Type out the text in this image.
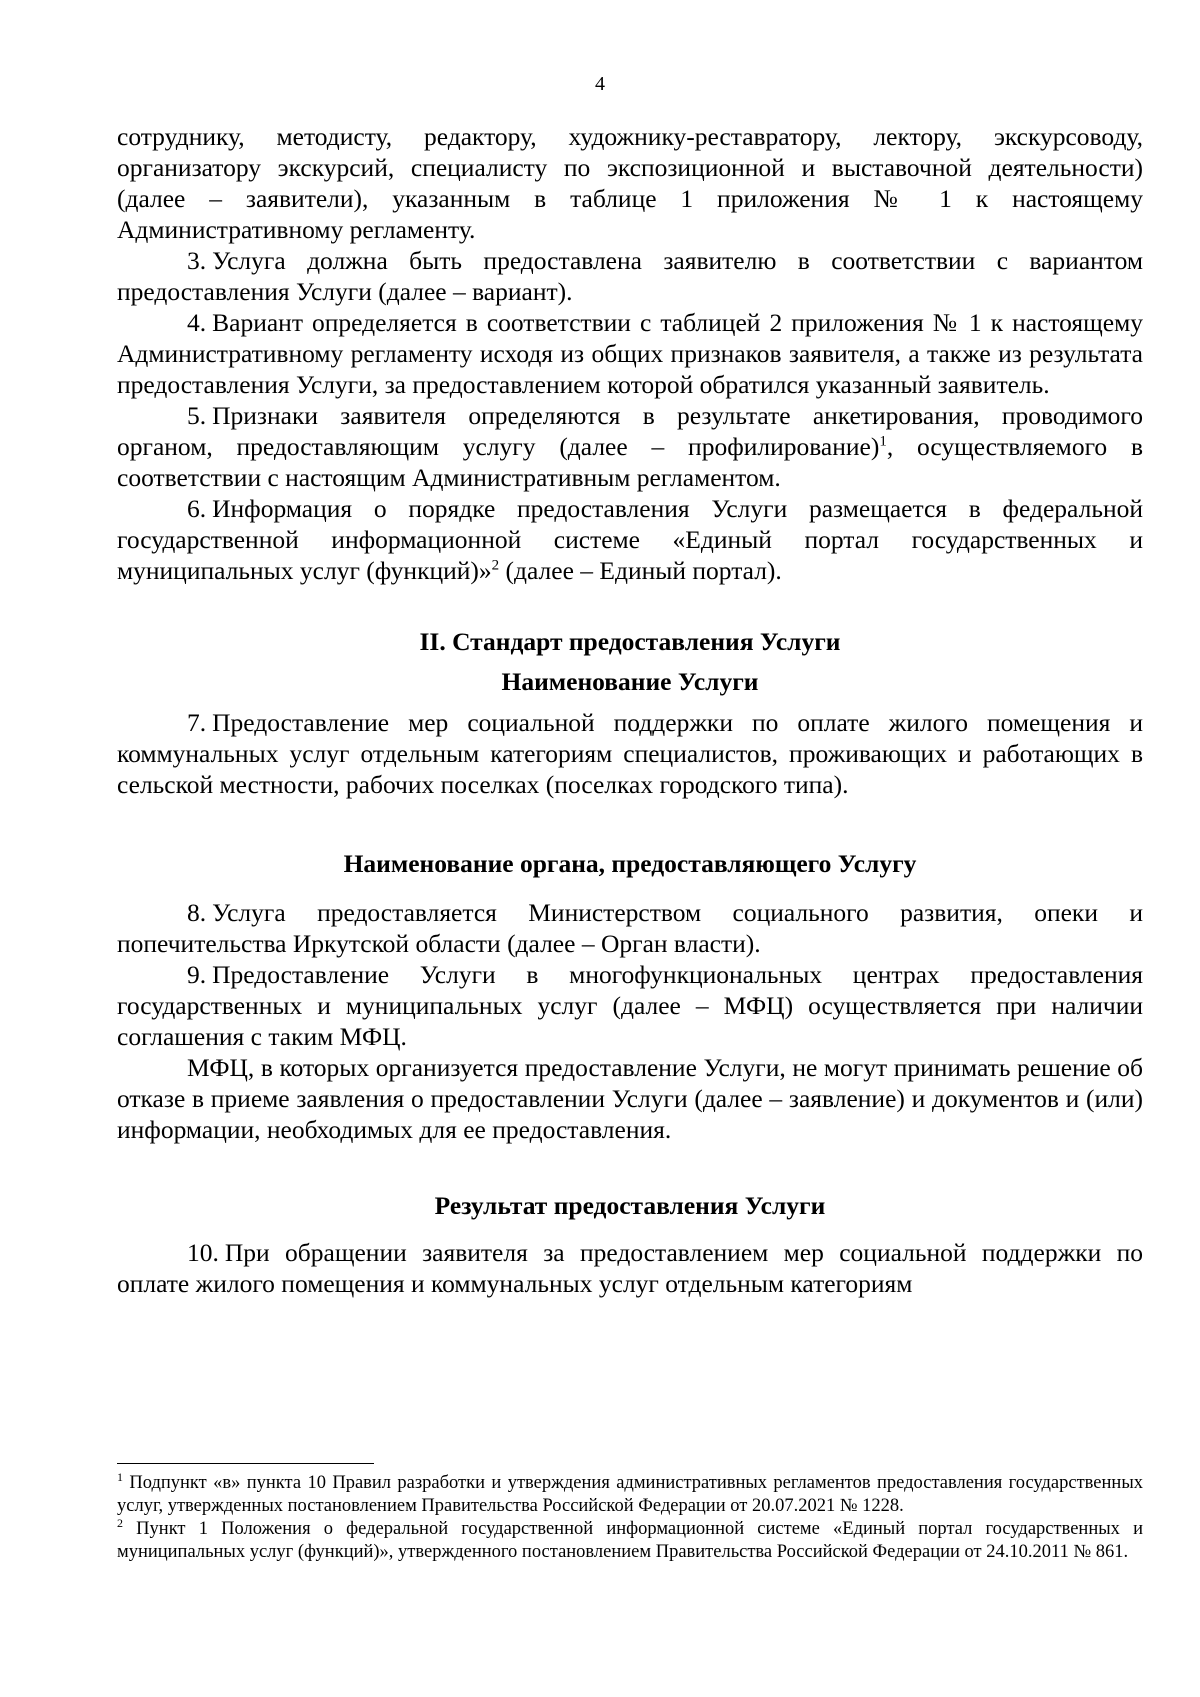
4

сотруднику, методисту, редактору, художнику-реставратору, лектору, экскурсоводу, организатору экскурсий, специалисту по экспозиционной и выставочной деятельности) (далее – заявители), указанным в таблице 1 приложения № 1 к настоящему Административному регламенту.

3. Услуга должна быть предоставлена заявителю в соответствии с вариантом предоставления Услуги (далее – вариант).

4. Вариант определяется в соответствии с таблицей 2 приложения № 1 к настоящему Административному регламенту исходя из общих признаков заявителя, а также из результата предоставления Услуги, за предоставлением которой обратился указанный заявитель.

5. Признаки заявителя определяются в результате анкетирования, проводимого органом, предоставляющим услугу (далее – профилирование)$^1$, осуществляемого в соответствии с настоящим Административным регламентом.

6. Информация о порядке предоставления Услуги размещается в федеральной государственной информационной системе «Единый портал государственных и муниципальных услуг (функций)»$^2$ (далее – Единый портал).

II. Стандарт предоставления Услуги
Наименование Услуги

7. Предоставление мер социальной поддержки по оплате жилого помещения и коммунальных услуг отдельным категориям специалистов, проживающих и работающих в сельской местности, рабочих поселках (поселках городского типа).

Наименование органа, предоставляющего Услугу

8. Услуга предоставляется Министерством социального развития, опеки и попечительства Иркутской области (далее – Орган власти).

9. Предоставление Услуги в многофункциональных центрах предоставления государственных и муниципальных услуг (далее – МФЦ) осуществляется при наличии соглашения с таким МФЦ.

МФЦ, в которых организуется предоставление Услуги, не могут принимать решение об отказе в приеме заявления о предоставлении Услуги (далее – заявление) и документов и (или) информации, необходимых для ее предоставления.

Результат предоставления Услуги

10. При обращении заявителя за предоставлением мер социальной поддержки по оплате жилого помещения и коммунальных услуг отдельным категориям

$^1$ Подпункт «в» пункта 10 Правил разработки и утверждения административных регламентов предоставления государственных услуг, утвержденных постановлением Правительства Российской Федерации от 20.07.2021 № 1228.

$^2$ Пункт 1 Положения о федеральной государственной информационной системе «Единый портал государственных и муниципальных услуг (функций)», утвержденного постановлением Правительства Российской Федерации от 24.10.2011 № 861.
